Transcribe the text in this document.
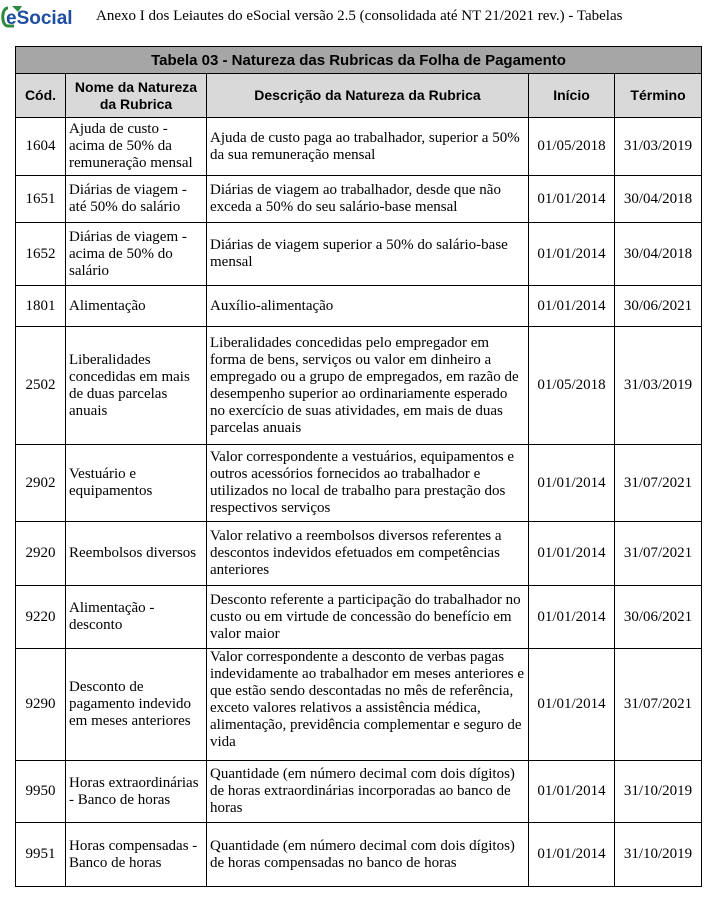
eSocial Anexo I dos Leiautes do eSocial versão 2.5 (consolidada até NT 21/2021 rev.) - Tabelas
Tabela 03 - Natureza das Rubricas da Folha de Pagamento				
Cód.	Nome da Natureza da Rubrica	Descrição da Natureza da Rubrica	Início	Término
1604	Ajuda de custo - acima de 50% da remuneração mensal	Ajuda de custo paga ao trabalhador, superior a 50% da sua remuneração mensal	01/05/2018	31/03/2019
1651	Diárias de viagem - até 50% do salário	Diárias de viagem ao trabalhador, desde que não exceda a 50% do seu salário-base mensal	01/01/2014	30/04/2018
1652	Diárias de viagem - acima de 50% do salário	Diárias de viagem superior a 50% do salário-base mensal	01/01/2014	30/04/2018
1801	Alimentação	Auxílio-alimentação	01/01/2014	30/06/2021
2502	Liberalidades concedidas em mais de duas parcelas anuais	Liberalidades concedidas pelo empregador em forma de bens, serviços ou valor em dinheiro a empregado ou a grupo de empregados, em razão de desempenho superior ao ordinariamente esperado no exercício de suas atividades, em mais de duas parcelas anuais	01/05/2018	31/03/2019
2902	Vestuário e equipamentos	Valor correspondente a vestuários, equipamentos e outros acessórios fornecidos ao trabalhador e utilizados no local de trabalho para prestação dos respectivos serviços	01/01/2014	31/07/2021
2920	Reembolsos diversos	Valor relativo a reembolsos diversos referentes a descontos indevidos efetuados em competências anteriores	01/01/2014	31/07/2021
9220	Alimentação - desconto	Desconto referente a participação do trabalhador no custo ou em virtude de concessão do benefício em valor maior	01/01/2014	30/06/2021
9290	Desconto de pagamento indevido em meses anteriores	Valor correspondente a desconto de verbas pagas indevidamente ao trabalhador em meses anteriores e que estão sendo descontadas no mês de referência, exceto valores relativos a assistência médica, alimentação, previdência complementar e seguro de vida	01/01/2014	31/07/2021
9950	Horas extraordinárias - Banco de horas	Quantidade (em número decimal com dois dígitos) de horas extraordinárias incorporadas ao banco de horas	01/01/2014	31/10/2019
9951	Horas compensadas - Banco de horas	Quantidade (em número decimal com dois dígitos) de horas compensadas no banco de horas	01/01/2014	31/10/2019
